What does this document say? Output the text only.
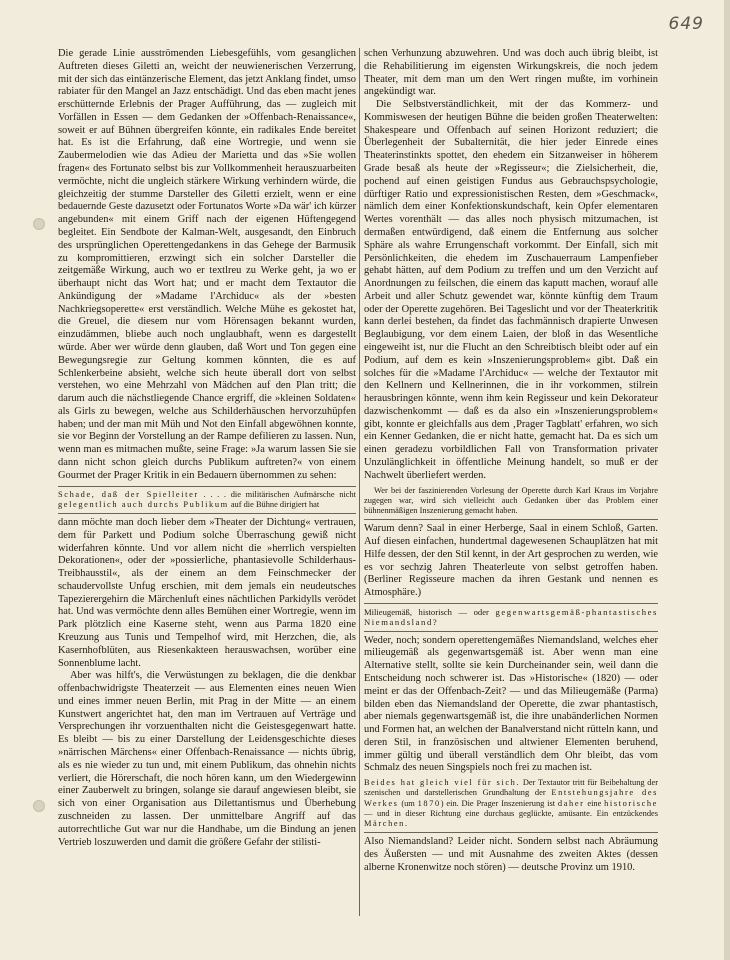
649

Die gerade Linie ausströmenden Liebesgefühls, vom gesanglichen Auftreten dieses Giletti an, weicht der neuwienerischen Verzerrung, mit der sich das eintänzerische Element, das jetzt Anklang findet, umso rabiater für den Mangel an Jazz entschädigt. Und das eben macht jenes erschütternde Erlebnis der Prager Aufführung, das — zugleich mit Vorfällen in Essen — dem Gedanken der »Offenbach-Renaissance«, soweit er auf Bühnen übergreifen könnte, ein radikales Ende bereitet hat. Es ist die Erfahrung, daß eine Wortregie, und wenn sie Zaubermelodien wie das Adieu der Marietta und das »Sie wollen fragen« des Fortunato selbst bis zur Vollkommenheit herauszuarbeiten vermöchte, nicht die ungleich stärkere Wirkung verhindern würde, die gleichzeitig der stumme Darsteller des Giletti erzielt, wenn er eine bedauernde Geste dazusetzt oder Fortunatos Worte »Da wär' ich kürzer angebunden« mit einem Griff nach der eigenen Hüftengegend begleitet. Ein Sendbote der Kalman-Welt, ausgesandt, den Einbruch des ursprünglichen Operettengedankens in das Gehege der Barmusik zu kompromittieren, erzwingt sich ein solcher Darsteller die zeitgemäße Wirkung, auch wo er textlreu zu Werke geht, ja wo er überhaupt nicht das Wort hat; und er macht dem Textautor die Ankündigung der »Madame l'Archiduc« als der »besten Nachkriegsoperette« erst verständlich. Welche Mühe es gekostet hat, die Greuel, die diesem nur vom Hörensagen bekannt wurden, einzudämmen, bliebe auch noch unglaubhaft, wenn es dargestellt würde. Aber wer würde denn glauben, daß Wort und Ton gegen eine Bewegungsregie zur Geltung kommen könnten, die es auf Schlenkerbeine absieht, welche sich heute überall dort von selbst verstehen, wo eine Mehrzahl von Mädchen auf den Plan tritt; die darum auch die nächstliegende Chance ergriff, die »kleinen Soldaten« als Girls zu bewegen, welche aus Schilderhäuschen hervorzuhüpfen haben; und der man mit Müh und Not den Einfall abgewöhnen konnte, sie vor Beginn der Vorstellung an der Rampe defilieren zu lassen. Nun, wenn man es mitmachen mußte, seine Frage: »Ja warum lassen Sie sie dann nicht schon gleich durchs Publikum auftreten?« von einem Gourmet der Prager Kritik in ein Bedauern übernommen zu sehen:

Schade, daß der Spielleiter . . . . die militärischen Aufmärsche nicht gelegentlich auch durchs Publikum auf die Bühne dirigiert hat

dann möchte man doch lieber dem »Theater der Dichtung« vertrauen, dem für Parkett und Podium solche Überraschung gewiß nicht widerfahren könnte. Und vor allem nicht die »herrlich verspielten Dekorationen«, oder der »possierliche, phantasievolle Schilderhaus-Treibhausstil«, als der einem an dem Feinschmecker der schaudervollste Unfug erschien, mit dem jemals ein neudeutsches Tapezierergehirn die Märchenluft eines nächtlichen Parkidylls verödet hat. Und was vermöchte denn alles Bemühen einer Wortregie, wenn im Park plötzlich eine Kaserne steht, wenn aus Parma 1820 eine Kreuzung aus Tunis und Tempelhof wird, mit Herzchen, die, als Kasernhofblüten, aus Riesenkakteen herauswachsen, worüber eine Sonnenblume lacht.

Aber was hilft's, die Verwüstungen zu beklagen, die die denkbar offenbachwidrigste Theaterzeit — aus Elementen eines neuen Wien und eines immer neuen Berlin, mit Prag in der Mitte — an einem Kunstwert angerichtet hat, den man im Vertrauen auf Verträge und Versprechungen ihr vorzuenthalten nicht die Geistesgegenwart hatte. Es bleibt — bis zu einer Darstellung der Leidensgeschichte dieses »närrischen Märchens« einer Offenbach-Renaissance — nichts übrig, als es nie wieder zu tun und, mit einem Publikum, das ohnehin nichts verliert, die Hörerschaft, die noch hören kann, um den Wiedergewinn einer Zauberwelt zu bringen, solange sie darauf angewiesen bleibt, sie sich von einer Organisation aus Dilettantismus und Überhebung zuschneiden zu lassen. Der unmittelbare Angriff auf das autorrechtliche Gut war nur die Handhabe, um die Bindung an jenen Vertrieb loszuwerden und damit die größere Gefahr der stilisti-

schen Verhunzung abzuwehren. Und was doch auch übrig bleibt, ist die Rehabilitierung im eigensten Wirkungskreis, die noch jedem Theater, mit dem man um den Wert ringen mußte, im vorhinein angekündigt war.

Die Selbstverständlichkeit, mit der das Kommerz- und Kommiswesen der heutigen Bühne die beiden großen Theaterwelten: Shakespeare und Offenbach auf seinen Horizont reduziert; die Überlegenheit der Subalternität, die hier jeder Einrede eines Theaterinstinkts spottet, den ehedem ein Sitzanweiser in höherem Grade besaß als heute der »Regisseur«; die Zielsicherheit, die, pochend auf einen geistigen Fundus aus Gebrauchspsychologie, dürftiger Ratio und expressionistischen Resten, dem »Geschmack«, nämlich dem einer Konfektionskundschaft, kein Opfer elementaren Wertes vorenthält — das alles noch physisch mitzumachen, ist dermaßen entwürdigend, daß einem die Entfernung aus solcher Sphäre als wahre Errungenschaft vorkommt. Der Einfall, sich mit Persönlichkeiten, die ehedem im Zuschauerraum Lampenfieber gehabt hätten, auf dem Podium zu treffen und um den Verzicht auf Anordnungen zu feilschen, die einem das kaputt machen, worauf alle Arbeit und aller Schutz gewendet war, könnte künftig dem Traum oder der Operette zugehören. Bei Tageslicht und vor der Theaterkritik kann derlei bestehen, da findet das fachmännisch drapierte Unwesen Beglaubigung, vor dem einem Laien, der bloß in das Wesentliche eingeweiht ist, nur die Flucht an den Schreibtisch bleibt oder auf ein Podium, auf dem es kein »Inszenierungsproblem« gibt. Daß ein solches für die »Madame l'Archiduc« — welche der Textautor mit den Kellnern und Kellnerinnen, die in ihr vorkommen, stilrein herausbringen könnte, wenn ihm kein Regisseur und kein Dekorateur dazwischenkommt — daß es da also ein »Inszenierungsproblem« gibt, konnte er gleichfalls aus dem ‚Prager Tagblatt' erfahren, wo sich ein Kenner Gedanken, die er nicht hatte, gemacht hat. Da es sich um einen geradezu vorbildlichen Fall von Transformation privater Unzulänglichkeit in öffentliche Meinung handelt, so muß er der Nachwelt überliefert werden.

Wer bei der faszinierenden Vorlesung der Operette durch Karl Kraus im Vorjahre zugegen war, wird sich vielleicht auch Gedanken über das Problem einer bühnenmäßigen Inszenierung gemacht haben.

Warum denn? Saal in einer Herberge, Saal in einem Schloß, Garten. Auf diesen einfachen, hundertmal dagewesenen Schauplätzen hat mit Hilfe dessen, der den Stil kennt, in der Art gesprochen zu werden, wie es vor sechzig Jahren Theaterleute von selbst getroffen haben. (Berliner Regisseure machen da ihren Gestank und nennen es Atmosphäre.)

Milieugemäß, historisch — oder gegenwartsgemäß-phantastisches Niemandsland?

Weder, noch; sondern operettengemäßes Niemandsland, welches eher milieugemäß als gegenwartsgemäß ist. Aber wenn man eine Alternative stellt, sollte sie kein Durcheinander sein, weil dann die Entscheidung noch schwerer ist. Das »Historische« (1820) — oder meint er das der Offenbach-Zeit? — und das Milieugemäße (Parma) bilden eben das Niemandsland der Operette, die zwar phantastisch, aber niemals gegenwartsgemäß ist, die ihre unabänderlichen Normen und Formen hat, an welchen der Banalverstand nicht rütteln kann, und deren Stil, in französischen und altwiener Elementen beruhend, immer gültig und überall verständlich dem Ohr bleibt, das vom Schmalz des neuen Singspiels noch frei zu machen ist.

Beides hat gleich viel für sich. Der Textautor tritt für Beibehaltung der szenischen und darstellerischen Grundhaltung der Entstehungsjahre des Werkes (um 1870) ein. Die Prager Inszenierung ist daher eine historische — und in dieser Richtung eine durchaus geglückte, amüsante. Ein entzückendes Märchen.

Also Niemandsland? Leider nicht. Sondern selbst nach Abräumung des Äußersten — und mit Ausnahme des zweiten Aktes (dessen alberne Kronenwitze noch stören) — deutsche Provinz um 1910.
